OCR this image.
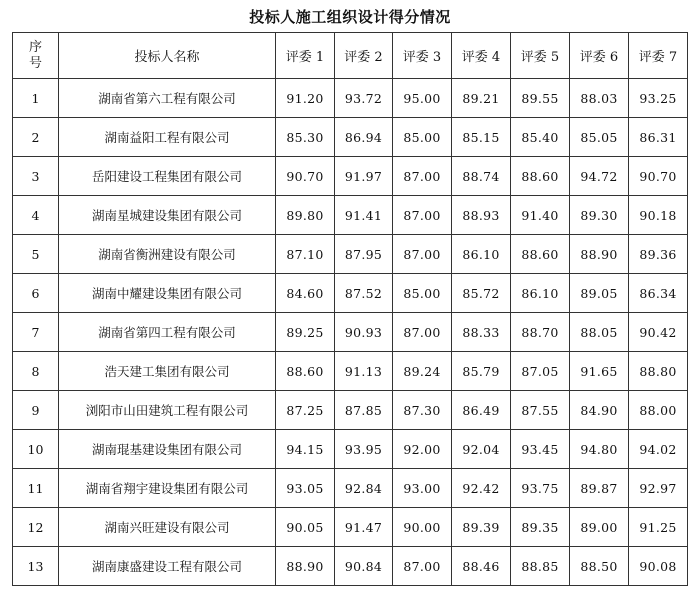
投标人施工组织设计得分情况
序
号	投标人名称	评委 1	评委 2	评委 3	评委 4	评委 5	评委 6	评委 7
1	湖南省第六工程有限公司	91.20	93.72	95.00	89.21	89.55	88.03	93.25
2	湖南益阳工程有限公司	85.30	86.94	85.00	85.15	85.40	85.05	86.31
3	岳阳建设工程集团有限公司	90.70	91.97	87.00	88.74	88.60	94.72	90.70
4	湖南星城建设集团有限公司	89.80	91.41	87.00	88.93	91.40	89.30	90.18
5	湖南省衡洲建设有限公司	87.10	87.95	87.00	86.10	88.60	88.90	89.36
6	湖南中耀建设集团有限公司	84.60	87.52	85.00	85.72	86.10	89.05	86.34
7	湖南省第四工程有限公司	89.25	90.93	87.00	88.33	88.70	88.05	90.42
8	浩天建工集团有限公司	88.60	91.13	89.24	85.79	87.05	91.65	88.80
9	浏阳市山田建筑工程有限公司	87.25	87.85	87.30	86.49	87.55	84.90	88.00
10	湖南琨基建设集团有限公司	94.15	93.95	92.00	92.04	93.45	94.80	94.02
11	湖南省翔宇建设集团有限公司	93.05	92.84	93.00	92.42	93.75	89.87	92.97
12	湖南兴旺建设有限公司	90.05	91.47	90.00	89.39	89.35	89.00	91.25
13	湖南康盛建设工程有限公司	88.90	90.84	87.00	88.46	88.85	88.50	90.08
